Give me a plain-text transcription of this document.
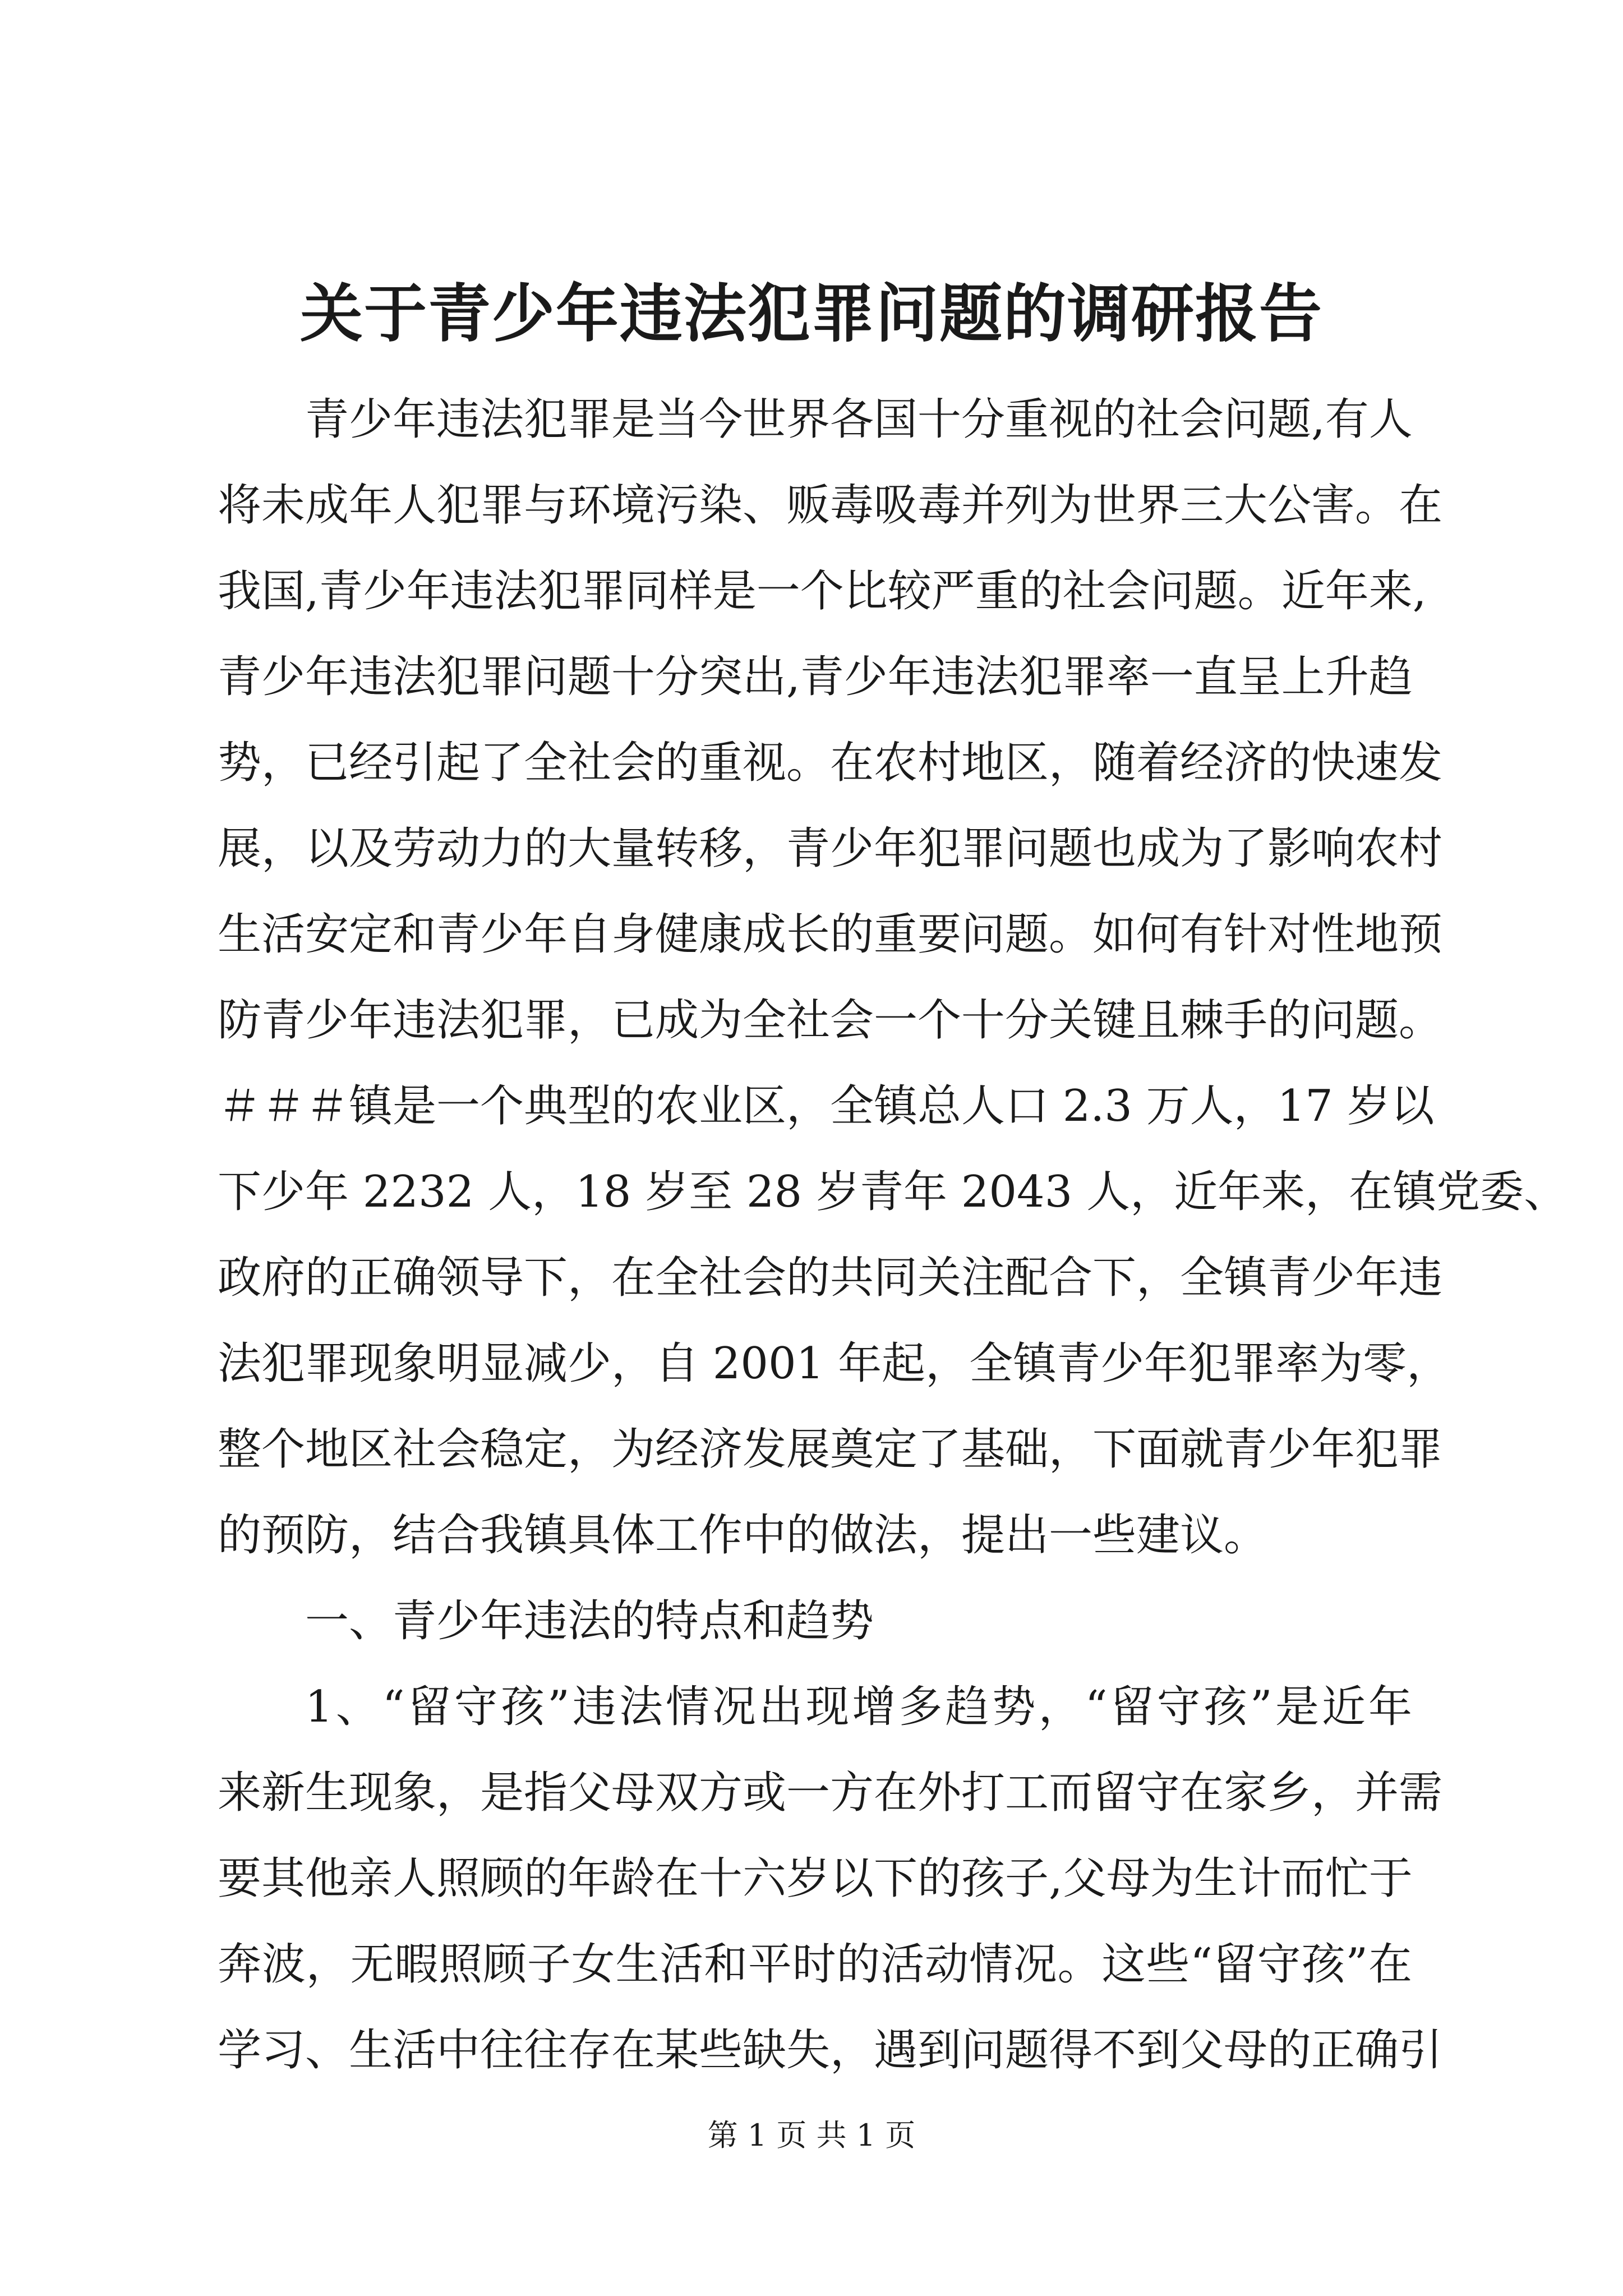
关于青少年违法犯罪问题的调研报告
青少年违法犯罪是当今世界各国十分重视的社会问题,有人
将未成年人犯罪与环境污染、贩毒吸毒并列为世界三大公害。在
我国,青少年违法犯罪同样是一个比较严重的社会问题。近年来,
青少年违法犯罪问题十分突出,青少年违法犯罪率一直呈上升趋
势，已经引起了全社会的重视。在农村地区，随着经济的快速发
展，以及劳动力的大量转移，青少年犯罪问题也成为了影响农村
生活安定和青少年自身健康成长的重要问题。如何有针对性地预
防青少年违法犯罪，已成为全社会一个十分关键且棘手的问题。
＃＃＃镇是一个典型的农业区，全镇总人口 2.3 万人，17 岁以
下少年 2232 人，18 岁至 28 岁青年 2043 人，近年来，在镇党委、
政府的正确领导下，在全社会的共同关注配合下，全镇青少年违
法犯罪现象明显减少，自 2001 年起，全镇青少年犯罪率为零，
整个地区社会稳定，为经济发展奠定了基础，下面就青少年犯罪
的预防，结合我镇具体工作中的做法，提出一些建议。
一、青少年违法的特点和趋势
1、“留守孩”违法情况出现增多趋势，“留守孩”是近年
来新生现象，是指父母双方或一方在外打工而留守在家乡，并需
要其他亲人照顾的年龄在十六岁以下的孩子,父母为生计而忙于
奔波，无暇照顾子女生活和平时的活动情况。这些“留守孩”在
学习、生活中往往存在某些缺失，遇到问题得不到父母的正确引
第 1 页 共 1 页
